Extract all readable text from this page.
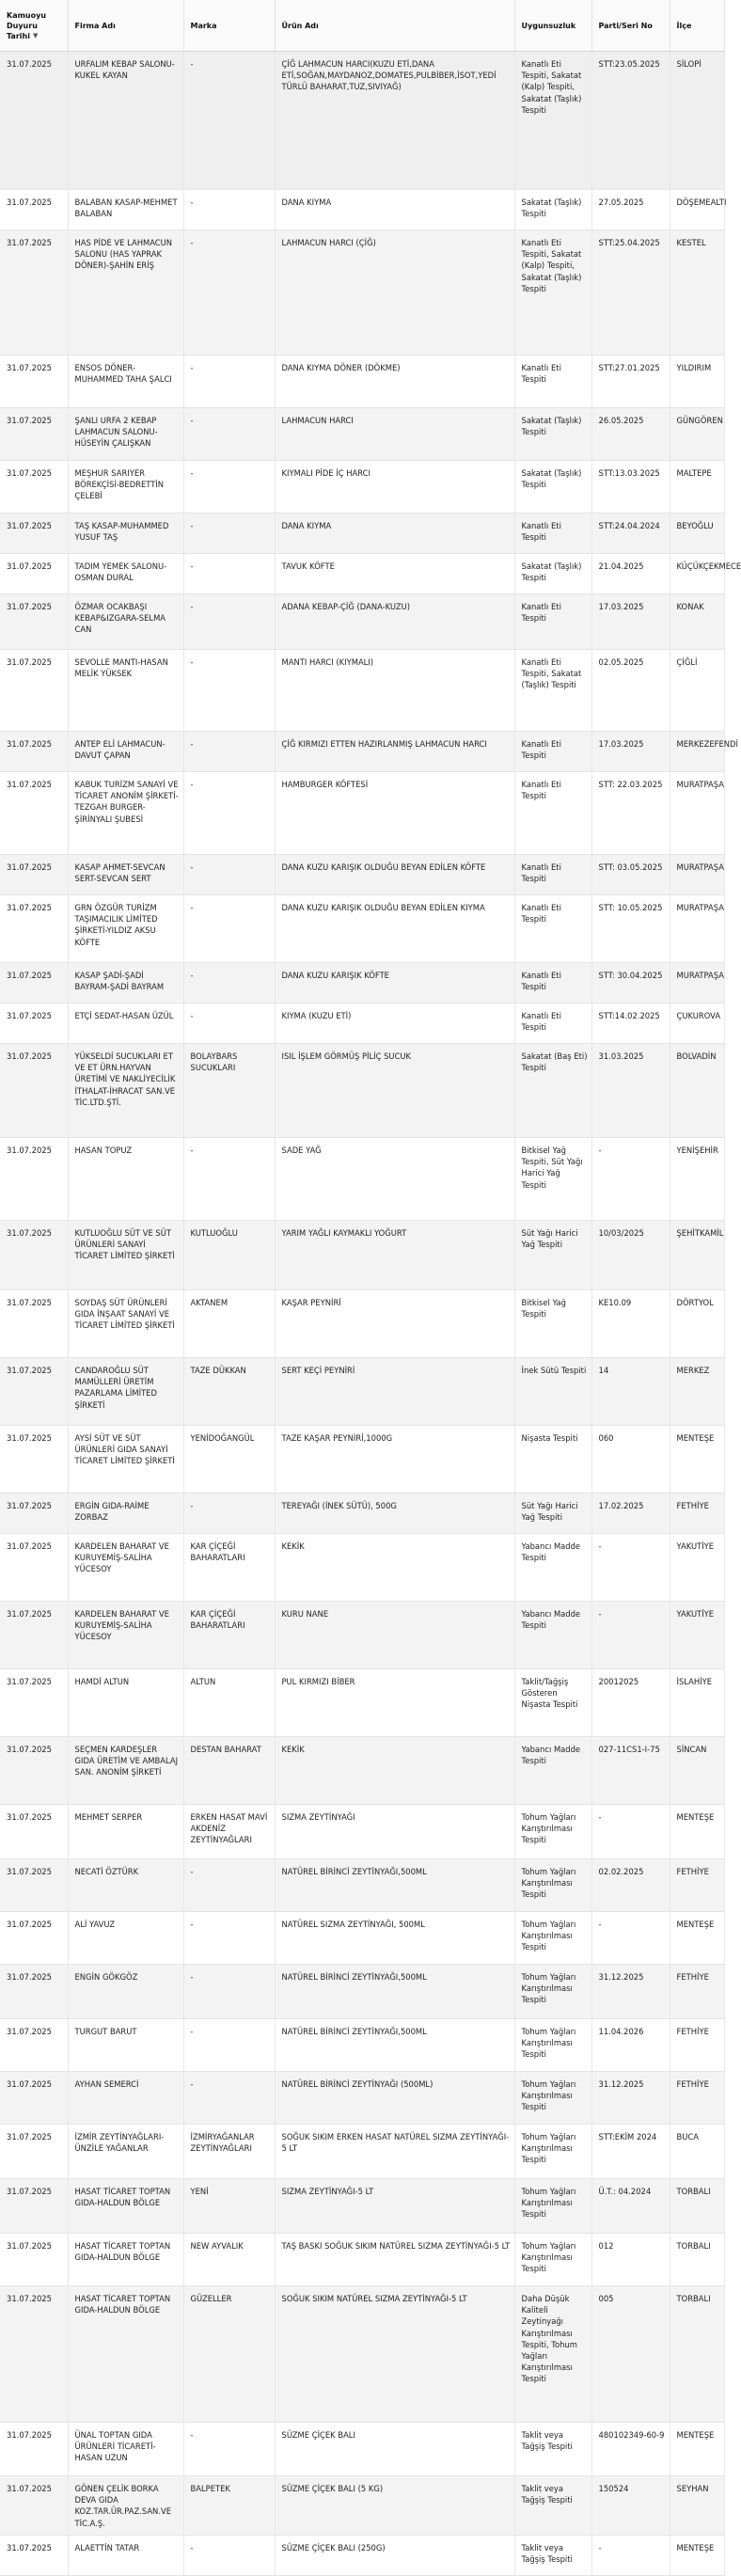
Kamuoyu Duyuru Tarihi ▼	Firma Adı	Marka	Ürün Adı	Uygunsuzluk	Parti/Seri No	İlçe
31.07.2025	URFALIM KEBAP SALONU-KUKEL KAYAN	-	ÇİĞ LAHMACUN HARCI(KUZU ETİ,DANA ETİ,SOĞAN,MAYDANOZ,DOMATES,PULBİBER,İSOT,YEDİ TÜRLÜ BAHARAT,TUZ,SIVIYAĞ)	Kanatlı Eti Tespiti, Sakatat (Kalp) Tespiti, Sakatat (Taşlık) Tespiti	STT:23.05.2025	SİLOPİ
31.07.2025	BALABAN KASAP-MEHMET BALABAN	-	DANA KIYMA	Sakatat (Taşlık) Tespiti	27.05.2025	DÖŞEMEALTI
31.07.2025	HAS PİDE VE LAHMACUN SALONU (HAS YAPRAK DÖNER)-ŞAHİN ERİŞ	-	LAHMACUN HARCI (ÇİĞ)	Kanatlı Eti Tespiti, Sakatat (Kalp) Tespiti, Sakatat (Taşlık) Tespiti	STT:25.04.2025	KESTEL
31.07.2025	ENSOS DÖNER-MUHAMMED TAHA ŞALCI	-	DANA KIYMA DÖNER (DÖKME)	Kanatlı Eti Tespiti	STT:27.01.2025	YILDIRIM
31.07.2025	ŞANLI URFA 2 KEBAP LAHMACUN SALONU-HÜSEYİN ÇALIŞKAN	-	LAHMACUN HARCI	Sakatat (Taşlık) Tespiti	26.05.2025	GÜNGÖREN
31.07.2025	MEŞHUR SARIYER BÖREKÇİSİ-BEDRETTİN ÇELEBİ	-	KIYMALI PİDE İÇ HARCI	Sakatat (Taşlık) Tespiti	STT:13.03.2025	MALTEPE
31.07.2025	TAŞ KASAP-MUHAMMED YUSUF TAŞ	-	DANA KIYMA	Kanatlı Eti Tespiti	STT:24.04.2024	BEYOĞLU
31.07.2025	TADIM YEMEK SALONU-OSMAN DURAL	-	TAVUK KÖFTE	Sakatat (Taşlık) Tespiti	21.04.2025	KÜÇÜKÇEKMECE
31.07.2025	ÖZMAR OCAKBAŞI KEBAP&IZGARA-SELMA CAN	-	ADANA KEBAP-ÇİĞ (DANA-KUZU)	Kanatlı Eti Tespiti	17.03.2025	KONAK
31.07.2025	SEVOLLE MANTI-HASAN MELİK YÜKSEK	-	MANTI HARCI (KIYMALI)	Kanatlı Eti Tespiti, Sakatat (Taşlık) Tespiti	02.05.2025	ÇİĞLİ
31.07.2025	ANTEP ELİ LAHMACUN-DAVUT ÇAPAN	-	ÇİĞ KIRMIZI ETTEN HAZIRLANMIŞ LAHMACUN HARCI	Kanatlı Eti Tespiti	17.03.2025	MERKEZEFENDİ
31.07.2025	KABUK TURİZM SANAYİ VE TİCARET ANONİM ŞİRKETİ-TEZGAH BURGER-ŞİRİNYALI ŞUBESİ	-	HAMBURGER KÖFTESİ	Kanatlı Eti Tespiti	STT: 22.03.2025	MURATPAŞA
31.07.2025	KASAP AHMET-SEVCAN SERT-SEVCAN SERT	-	DANA KUZU KARIŞIK OLDUĞU BEYAN EDİLEN KÖFTE	Kanatlı Eti Tespiti	STT: 03.05.2025	MURATPAŞA
31.07.2025	GRN ÖZGÜR TURİZM TAŞIMACILIK LİMİTED ŞİRKETİ-YILDIZ AKSU KÖFTE	-	DANA KUZU KARIŞIK OLDUĞU BEYAN EDİLEN KIYMA	Kanatlı Eti Tespiti	STT: 10.05.2025	MURATPAŞA
31.07.2025	KASAP ŞADİ-ŞADİ BAYRAM-ŞADİ BAYRAM	-	DANA KUZU KARIŞIK KÖFTE	Kanatlı Eti Tespiti	STT: 30.04.2025	MURATPAŞA
31.07.2025	ETÇİ SEDAT-HASAN ÜZÜL	-	KIYMA (KUZU ETİ)	Kanatlı Eti Tespiti	STT:14.02.2025	ÇUKUROVA
31.07.2025	YÜKSELDİ SUCUKLARI ET VE ET ÜRN.HAYVAN ÜRETİMİ VE NAKLİYECİLİK İTHALAT-İHRACAT SAN.VE TİC.LTD.ŞTİ.	BOLAYBARS SUCUKLARI	ISIL İŞLEM GÖRMÜŞ PİLİÇ SUCUK	Sakatat (Baş Eti) Tespiti	31.03.2025	BOLVADİN
31.07.2025	HASAN TOPUZ	-	SADE YAĞ	Bitkisel Yağ Tespiti, Süt Yağı Harici Yağ Tespiti	-	YENİŞEHİR
31.07.2025	KUTLUOĞLU SÜT VE SÜT ÜRÜNLERİ SANAYİ TİCARET LİMİTED ŞİRKETİ	KUTLUOĞLU	YARIM YAĞLI KAYMAKLI YOĞURT	Süt Yağı Harici Yağ Tespiti	10/03/2025	ŞEHİTKAMİL
31.07.2025	SOYDAŞ SÜT ÜRÜNLERİ GIDA İNŞAAT SANAYİ VE TİCARET LİMİTED ŞİRKETİ	AKTANEM	KAŞAR PEYNİRİ	Bitkisel Yağ Tespiti	KE10.09	DÖRTYOL
31.07.2025	CANDAROĞLU SÜT MAMÜLLERİ ÜRETİM PAZARLAMA LİMİTED ŞİRKETİ	TAZE DÜKKAN	SERT KEÇİ PEYNİRİ	İnek Sütü Tespiti	14	MERKEZ
31.07.2025	AYSİ SÜT VE SÜT ÜRÜNLERİ GIDA SANAYİ TİCARET LİMİTED ŞİRKETİ	YENİDOĞANGÜL	TAZE KAŞAR PEYNİRİ,1000G	Nişasta Tespiti	060	MENTEŞE
31.07.2025	ERGİN GIDA-RAİME ZORBAZ	-	TEREYAĞI (İNEK SÜTÜ), 500G	Süt Yağı Harici Yağ Tespiti	17.02.2025	FETHİYE
31.07.2025	KARDELEN BAHARAT VE KURUYEMİŞ-SALİHA YÜCESOY	KAR ÇİÇEĞİ BAHARATLARI	KEKİK	Yabancı Madde Tespiti	-	YAKUTİYE
31.07.2025	KARDELEN BAHARAT VE KURUYEMİŞ-SALİHA YÜCESOY	KAR ÇİÇEĞİ BAHARATLARI	KURU NANE	Yabancı Madde Tespiti	-	YAKUTİYE
31.07.2025	HAMDİ ALTUN	ALTUN	PUL KIRMIZI BİBER	Taklit/Tağşiş Gösteren Nişasta Tespiti	20012025	İSLAHİYE
31.07.2025	SEÇMEN KARDEŞLER GIDA ÜRETİM VE AMBALAJ SAN. ANONİM ŞİRKETİ	DESTAN BAHARAT	KEKİK	Yabancı Madde Tespiti	027-11CS1-I-75	SİNCAN
31.07.2025	MEHMET SERPER	ERKEN HASAT MAVİ AKDENİZ ZEYTİNYAĞLARI	SIZMA ZEYTİNYAĞI	Tohum Yağları Karıştırılması Tespiti	-	MENTEŞE
31.07.2025	NECATİ ÖZTÜRK	-	NATÜREL BİRİNCİ ZEYTİNYAĞI,500ML	Tohum Yağları Karıştırılması Tespiti	02.02.2025	FETHİYE
31.07.2025	ALİ YAVUZ	-	NATÜREL SIZMA ZEYTİNYAĞI, 500ML	Tohum Yağları Karıştırılması Tespiti	-	MENTEŞE
31.07.2025	ENGİN GÖKGÖZ	-	NATÜREL BİRİNCİ ZEYTİNYAĞI,500ML	Tohum Yağları Karıştırılması Tespiti	31.12.2025	FETHİYE
31.07.2025	TURGUT BARUT	-	NATÜREL BİRİNCİ ZEYTİNYAĞI,500ML	Tohum Yağları Karıştırılması Tespiti	11.04.2026	FETHİYE
31.07.2025	AYHAN SEMERCİ	-	NATÜREL BİRİNCİ ZEYTİNYAĞI (500ML)	Tohum Yağları Karıştırılması Tespiti	31.12.2025	FETHİYE
31.07.2025	İZMİR ZEYTİNYAĞLARI-ÜNZİLE YAĞANLAR	İZMİRYAĞANLAR ZEYTİNYAĞLARI	SOĞUK SIKIM ERKEN HASAT NATÜREL SIZMA ZEYTİNYAĞI-5 LT	Tohum Yağları Karıştırılması Tespiti	STT:EKİM 2024	BUCA
31.07.2025	HASAT TİCARET TOPTAN GIDA-HALDUN BÖLGE	YENİ	SIZMA ZEYTİNYAĞI-5 LT	Tohum Yağları Karıştırılması Tespiti	Ü.T.: 04.2024	TORBALI
31.07.2025	HASAT TİCARET TOPTAN GIDA-HALDUN BÖLGE	NEW AYVALIK	TAŞ BASKI SOĞUK SIKIM NATÜREL SIZMA ZEYTİNYAĞI-5 LT	Tohum Yağları Karıştırılması Tespiti	012	TORBALI
31.07.2025	HASAT TİCARET TOPTAN GIDA-HALDUN BÖLGE	GÜZELLER	SOĞUK SIKIM NATÜREL SIZMA ZEYTİNYAĞI-5 LT	Daha Düşük Kaliteli Zeytinyağı Karıştırılması Tespiti, Tohum Yağları Karıştırılması Tespiti	005	TORBALI
31.07.2025	ÜNAL TOPTAN GIDA ÜRÜNLERİ TİCARETİ-HASAN UZUN	-	SÜZME ÇİÇEK BALI	Taklit veya Tağşiş Tespiti	480102349-60-9	MENTEŞE
31.07.2025	GÖNEN ÇELİK BORKA DEVA GIDA KOZ.TAR.ÜR.PAZ.SAN.VE TİC.A.Ş.	BALPETEK	SÜZME ÇİÇEK BALI (5 KG)	Taklit veya Tağşiş Tespiti	150524	SEYHAN
31.07.2025	ALAETTİN TATAR	-	SÜZME ÇİÇEK BALI (250G)	Taklit veya Tağşiş Tespiti	-	MENTEŞE
